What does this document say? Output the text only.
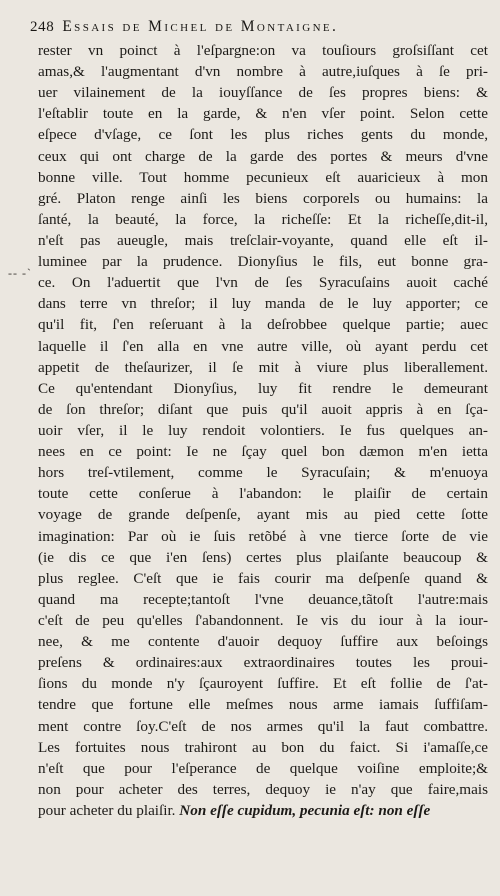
248 Essais de Michel de Montaigne.
-- -`
rester vn poinct à l'eſpargne:on va touſiours groſsiſſant cet
amas,& l'augmentant d'vn nombre à autre,iuſques à ſe pri-
uer vilainement de la iouyſſance de ſes propres biens: &
l'eſtablir toute en la garde, & n'en vſer point. Selon cette
eſpece d'vſage, ce ſont les plus riches gents du monde,
ceux qui ont charge de la garde des portes & meurs d'vne
bonne ville. Tout homme pecunieux eſt auaricieux à mon
gré. Platon renge ainſi les biens corporels ou humains: la
ſanté, la beauté, la force, la richeſſe: Et la richeſſe,dit-il,
n'eſt pas aueugle, mais treſclair-voyante, quand elle eſt il-
luminee par la prudence. Dionyſius le fils, eut bonne gra-
ce. On l'aduertit que l'vn de ſes Syracuſains auoit caché
dans terre vn threſor; il luy manda de le luy apporter; ce
qu'il fit, ſ'en reſeruant à la deſrobbee quelque partie; auec
laquelle il ſ'en alla en vne autre ville, où ayant perdu cet
appetit de theſaurizer, il ſe mit à viure plus liberallement.
Ce qu'entendant Dionyſius, luy fit rendre le demeurant
de ſon threſor; diſant que puis qu'il auoit appris à en ſça-
uoir vſer, il le luy rendoit volontiers. Ie fus quelques an-
nees en ce point: Ie ne ſçay quel bon dæmon m'en ietta
hors treſ-vtilement, comme le Syracuſain; & m'enuoya
toute cette conſerue à l'abandon: le plaiſir de certain
voyage de grande deſpenſe, ayant mis au pied cette ſotte
imagination: Par où ie ſuis retõbé à vne tierce ſorte de vie
(ie dis ce que i'en ſens) certes plus plaiſante beaucoup &
plus reglee. C'eſt que ie fais courir ma deſpenſe quand &
quand ma recepte;tantoſt l'vne deuance,tãtoſt l'autre:mais
c'eſt de peu qu'elles ſ'abandonnent. Ie vis du iour à la iour-
nee, & me contente d'auoir dequoy ſuffire aux beſoings
preſens & ordinaires:aux extraordinaires toutes les proui-
ſions du monde n'y ſçauroyent ſuffire. Et eſt follie de ſ'at-
tendre que fortune elle meſmes nous arme iamais ſuffiſam-
ment contre ſoy.C'eſt de nos armes qu'il la faut combattre.
Les fortuites nous trahiront au bon du faict. Si i'amaſſe,ce
n'eſt que pour l'eſperance de quelque voiſine emploite;&
non pour acheter des terres, dequoy ie n'ay que faire,mais
pour acheter du plaiſir. Non eſſe cupidum, pecunia eſt: non eſſe
